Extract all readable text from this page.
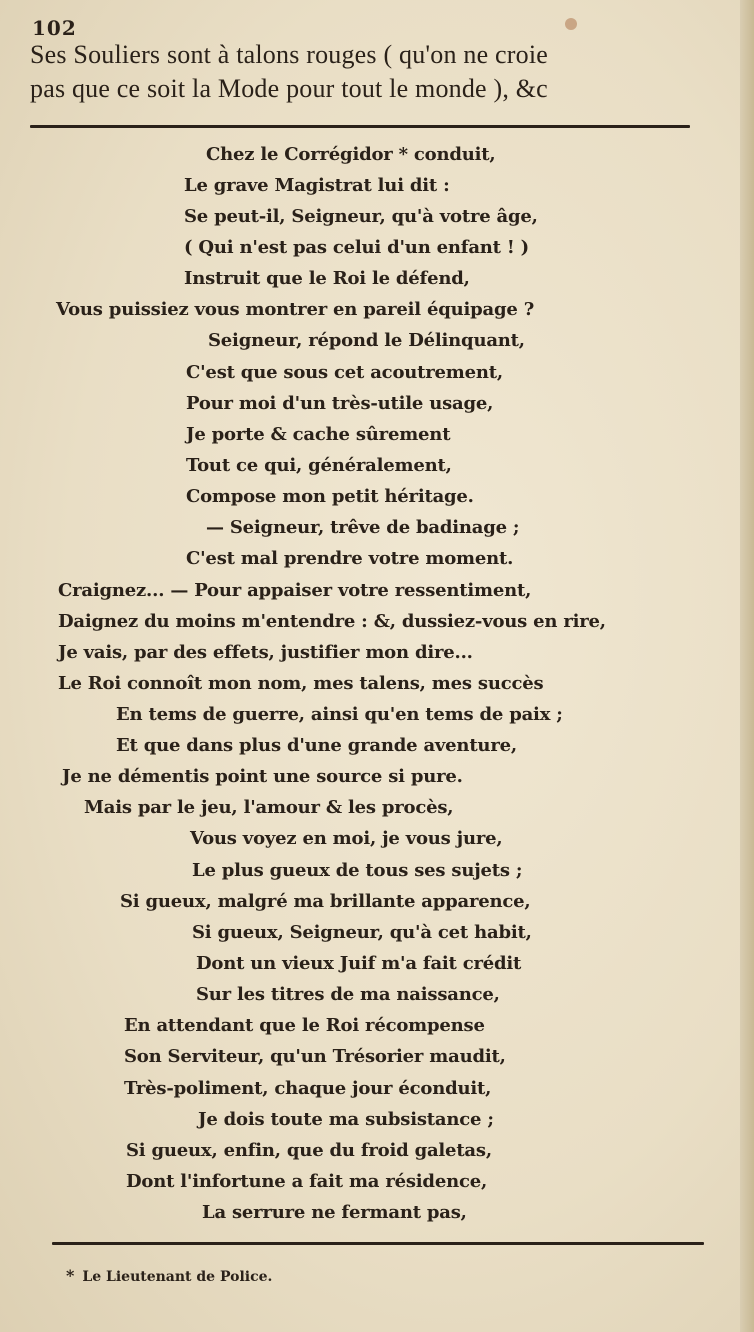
102
Ses Souliers sont à talons rouges ( qu'on ne croie
pas que ce soit la Mode pour tout le monde ), &c
Chez le Corrégidor * conduit,
Le grave Magistrat lui dit :
Se peut-il, Seigneur, qu'à votre âge,
( Qui n'est pas celui d'un enfant ! )
Instruit que le Roi le défend,
Vous puissiez vous montrer en pareil équipage ?
Seigneur, répond le Délinquant,
C'est que sous cet acoutrement,
Pour moi d'un très-utile usage,
Je porte & cache sûrement
Tout ce qui, généralement,
Compose mon petit héritage.
— Seigneur, trêve de badinage ;
C'est mal prendre votre moment.
Craignez... — Pour appaiser votre ressentiment,
Daignez du moins m'entendre : &, dussiez-vous en rire,
Je vais, par des effets, justifier mon dire...
Le Roi connoît mon nom, mes talens, mes succès
En tems de guerre, ainsi qu'en tems de paix ;
Et que dans plus d'une grande aventure,
Je ne démentis point une source si pure.
Mais par le jeu, l'amour & les procès,
Vous voyez en moi, je vous jure,
Le plus gueux de tous ses sujets ;
Si gueux, malgré ma brillante apparence,
Si gueux, Seigneur, qu'à cet habit,
Dont un vieux Juif m'a fait crédit
Sur les titres de ma naissance,
En attendant que le Roi récompense
Son Serviteur, qu'un Trésorier maudit,
Très-poliment, chaque jour éconduit,
Je dois toute ma subsistance ;
Si gueux, enfin, que du froid galetas,
Dont l'infortune a fait ma résidence,
La serrure ne fermant pas,
* Le Lieutenant de Police.
